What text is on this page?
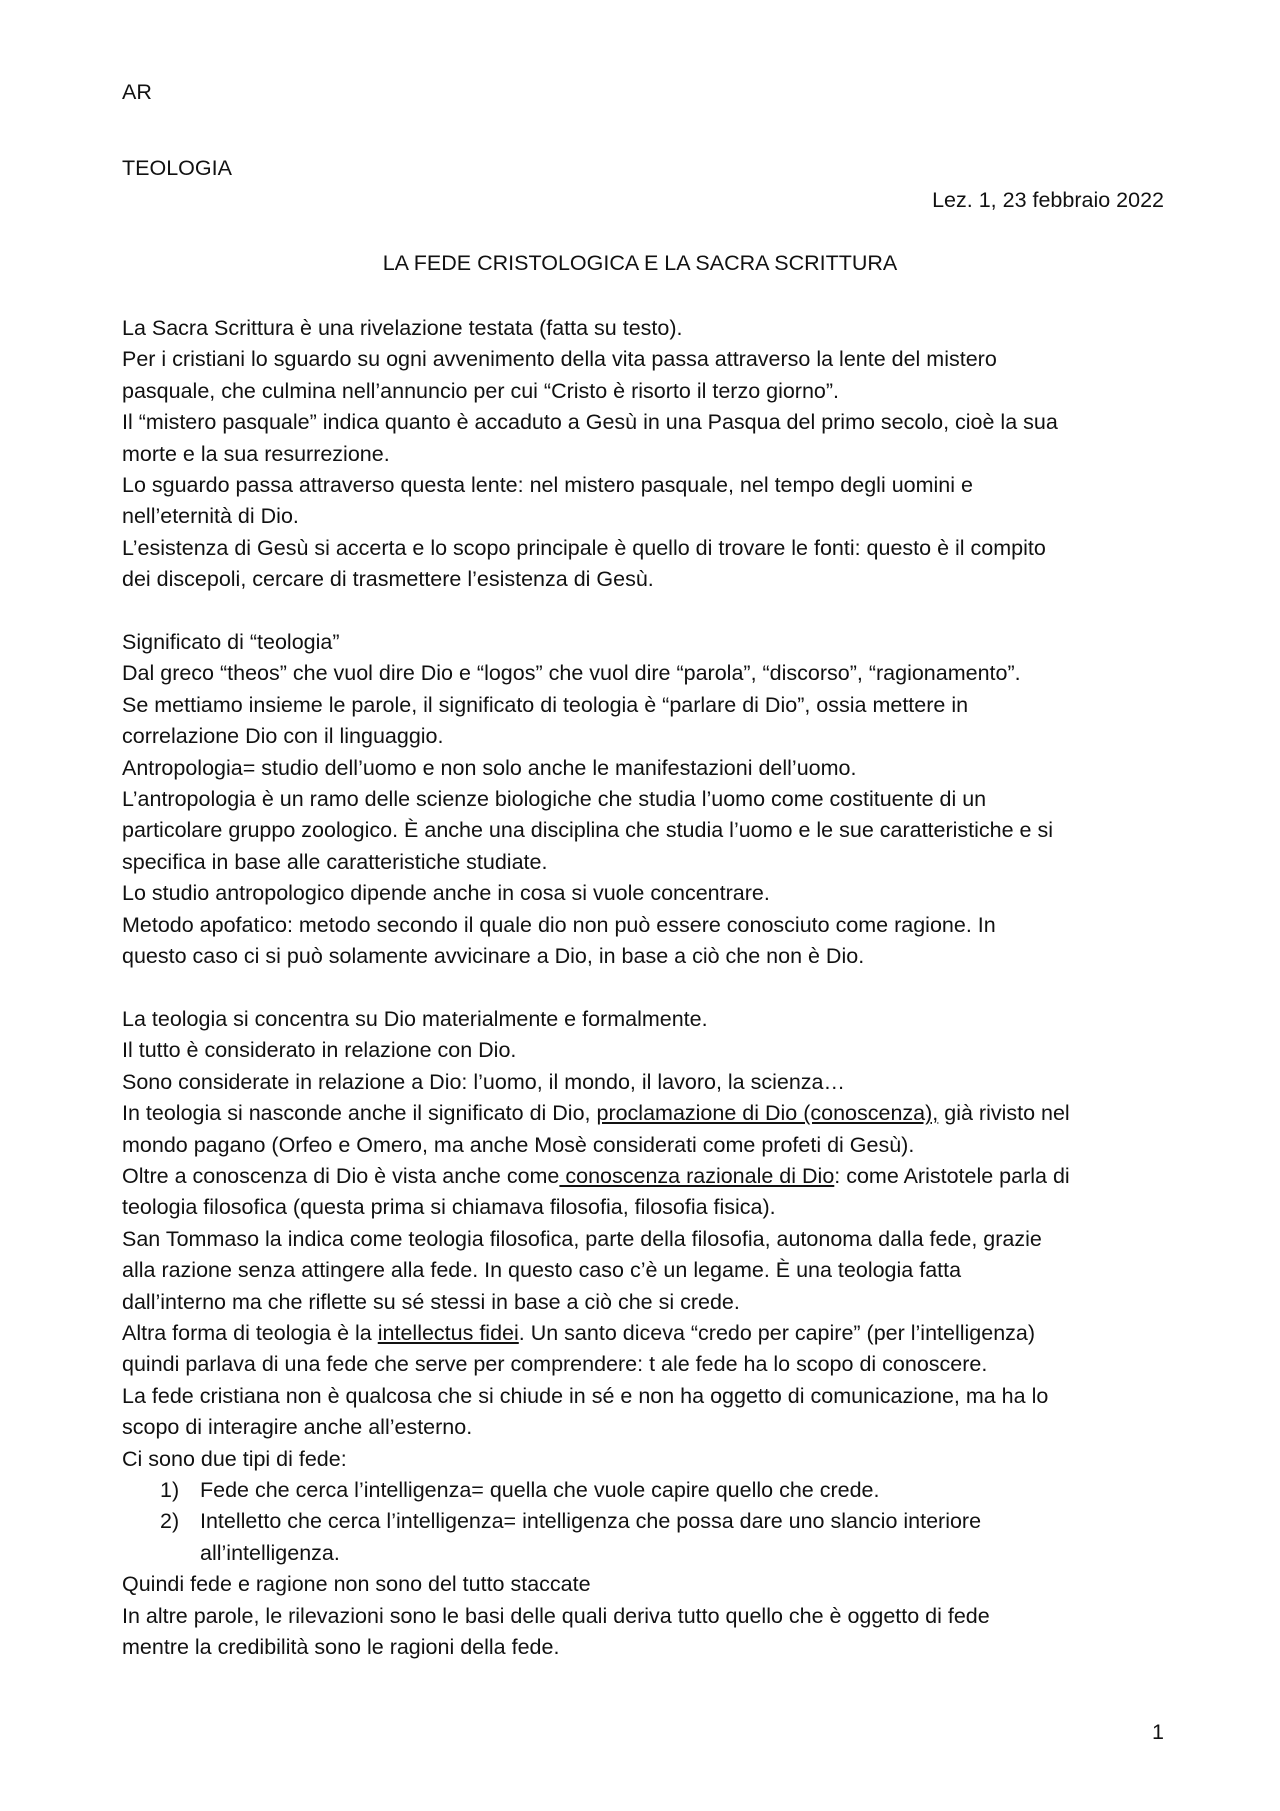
AR
TEOLOGIA
Lez. 1, 23 febbraio 2022
LA FEDE CRISTOLOGICA E LA SACRA SCRITTURA

La Sacra Scrittura è una rivelazione testata (fatta su testo).

Per i cristiani lo sguardo su ogni avvenimento della vita passa attraverso la lente del mistero

pasquale, che culmina nell’annuncio per cui “Cristo è risorto il terzo giorno”.

Il “mistero pasquale” indica quanto è accaduto a Gesù in una Pasqua del primo secolo, cioè la sua

morte e la sua resurrezione.

Lo sguardo passa attraverso questa lente: nel mistero pasquale, nel tempo degli uomini e

nell’eternità di Dio.

L’esistenza di Gesù si accerta e lo scopo principale è quello di trovare le fonti: questo è il compito

dei discepoli, cercare di trasmettere l’esistenza di Gesù.

Significato di “teologia”

Dal greco “theos” che vuol dire Dio e “logos” che vuol dire “parola”, “discorso”, “ragionamento”.

Se mettiamo insieme le parole, il significato di teologia è “parlare di Dio”, ossia mettere in

correlazione Dio con il linguaggio.

Antropologia= studio dell’uomo e non solo anche le manifestazioni dell’uomo.

L’antropologia è un ramo delle scienze biologiche che studia l’uomo come costituente di un

particolare gruppo zoologico. È anche una disciplina che studia l’uomo e le sue caratteristiche e si

specifica in base alle caratteristiche studiate.

Lo studio antropologico dipende anche in cosa si vuole concentrare.

Metodo apofatico: metodo secondo il quale dio non può essere conosciuto come ragione. In

questo caso ci si può solamente avvicinare a Dio, in base a ciò che non è Dio.

La teologia si concentra su Dio materialmente e formalmente.

Il tutto è considerato in relazione con Dio.

Sono considerate in relazione a Dio: l’uomo, il mondo, il lavoro, la scienza…

In teologia si nasconde anche il significato di Dio, proclamazione di Dio (conoscenza), già rivisto nel

mondo pagano (Orfeo e Omero, ma anche Mosè considerati come profeti di Gesù).

Oltre a conoscenza di Dio è vista anche come conoscenza razionale di Dio: come Aristotele parla di

teologia filosofica (questa prima si chiamava filosofia, filosofia fisica).

San Tommaso la indica come teologia filosofica, parte della filosofia, autonoma dalla fede, grazie

alla razione senza attingere alla fede. In questo caso c’è un legame. È una teologia fatta

dall’interno ma che riflette su sé stessi in base a ciò che si crede.

Altra forma di teologia è la intellectus fidei. Un santo diceva “credo per capire” (per l’intelligenza)

quindi parlava di una fede che serve per comprendere: t ale fede ha lo scopo di conoscere.

La fede cristiana non è qualcosa che si chiude in sé e non ha oggetto di comunicazione, ma ha lo

scopo di interagire anche all’esterno.

Ci sono due tipi di fede:

1) Fede che cerca l’intelligenza= quella che vuole capire quello che crede.
2) Intelletto che cerca l’intelligenza= intelligenza che possa dare uno slancio interiore
all’intelligenza.

Quindi fede e ragione non sono del tutto staccate

In altre parole, le rilevazioni sono le basi delle quali deriva tutto quello che è oggetto di fede

mentre la credibilità sono le ragioni della fede.

1
